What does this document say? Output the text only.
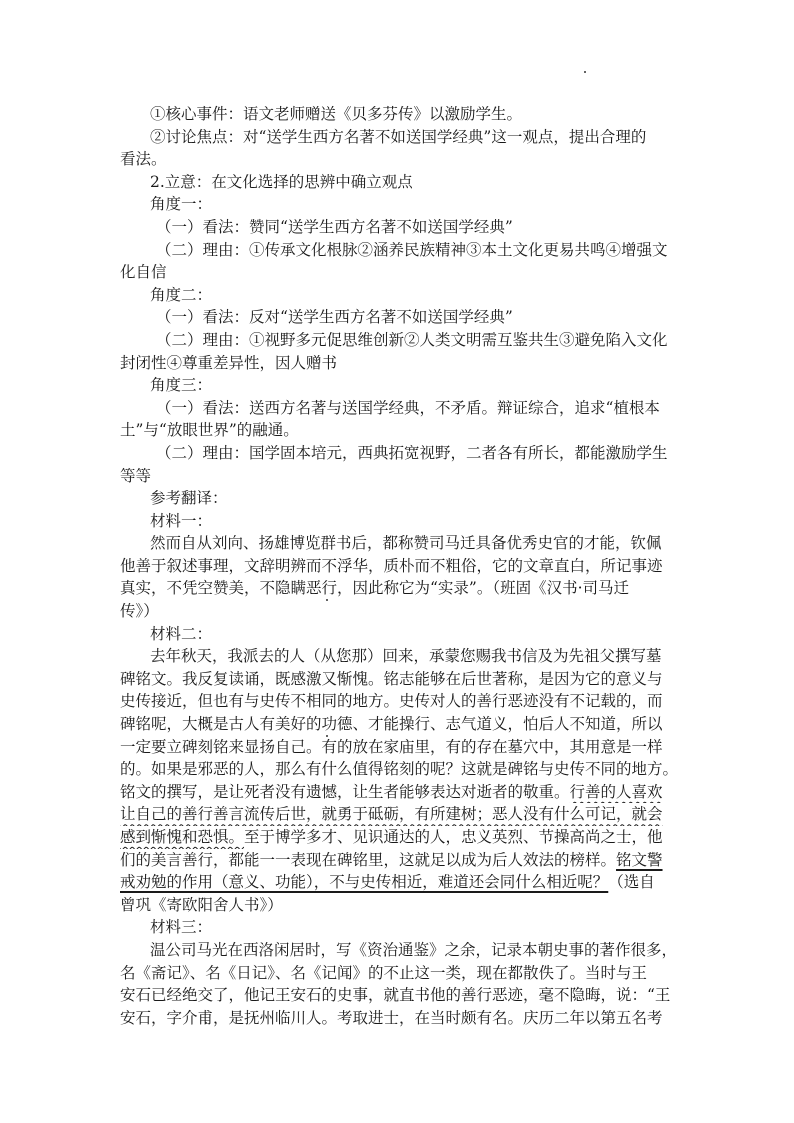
①核心事件：语文老师赠送《贝多芬传》以激励学生。
②讨论焦点：对“送学生西方名著不如送国学经典”这一观点，提出合理的
看法。
2.立意：在文化选择的思辨中确立观点
角度一：
（一）看法：赞同“送学生西方名著不如送国学经典”
（二）理由：①传承文化根脉②涵养民族精神③本土文化更易共鸣④增强文
化自信
角度二：
（一）看法：反对“送学生西方名著不如送国学经典”
（二）理由：①视野多元促思维创新②人类文明需互鉴共生③避免陷入文化
封闭性④尊重差异性，因人赠书
角度三：
（一）看法：送西方名著与送国学经典，不矛盾。辩证综合，追求“植根本
土”与“放眼世界”的融通。
（二）理由：国学固本培元，西典拓宽视野，二者各有所长，都能激励学生
等等
参考翻译：
材料一：
然而自从刘向、扬雄博览群书后，都称赞司马迁具备优秀史官的才能，钦佩
他善于叙述事理，文辞明辨而不浮华，质朴而不粗俗，它的文章直白，所记事迹
真实，不凭空赞美，不隐瞒恶行，因此称它为“实录”。（班固《汉书·司马迁
传》）
材料二：
去年秋天，我派去的人（从您那）回来，承蒙您赐我书信及为先祖父撰写墓
碑铭文。我反复读诵，既感激又惭愧。铭志能够在后世著称，是因为它的意义与
史传接近，但也有与史传不相同的地方。史传对人的善行恶迹没有不记载的，而
碑铭呢，大概是古人有美好的功德、才能操行、志气道义，怕后人不知道，所以
一定要立碑刻铭来显扬自己。有的放在家庙里，有的存在墓穴中，其用意是一样
的。如果是邪恶的人，那么有什么值得铭刻的呢？这就是碑铭与史传不同的地方。
铭文的撰写，是让死者没有遗憾，让生者能够表达对逝者的敬重。行善的人喜欢
让自己的善行善言流传后世，就勇于砥砺，有所建树；恶人没有什么可记，就会
感到惭愧和恐惧。至于博学多才、见识通达的人，忠义英烈、节操高尚之士，他
们的美言善行，都能一一表现在碑铭里，这就足以成为后人效法的榜样。铭文警
戒劝勉的作用（意义、功能），不与史传相近，难道还会同什么相近呢？（选自
曾巩《寄欧阳舍人书》）
材料三：
温公司马光在西洛闲居时，写《资治通鉴》之余，记录本朝史事的著作很多，
名《斋记》、名《日记》、名《记闻》的不止这一类，现在都散佚了。当时与王
安石已经绝交了，他记王安石的史事，就直书他的善行恶迹，毫不隐晦，说：“王
安石，字介甫，是抚州临川人。考取进士，在当时颇有名。庆历二年以第五名考
